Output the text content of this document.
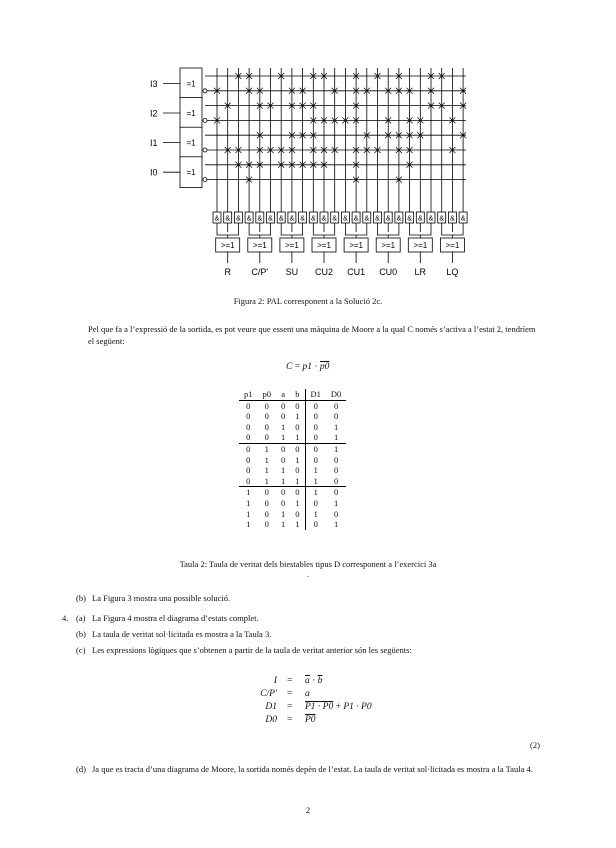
I3	=1
I2	=1
I1	=1
I0	=1
& & & & & & & & & & & & & & & & & & & & & & & &
>=1
R
>=1
C/P'
>=1
SU
>=1
CU2
>=1
CU1
>=1
CU0
>=1
LR
>=1
LQ
Figura 2: PAL corresponent a la Solució 2c.
Pel que fa a l’expressió de la sortida, es pot veure que essent una màquina de Moore a la qual C només s’activa a l’estat 2, tendríem el següent:
C = p1 · p0
p1	p0	a	b	D1	D0
0	0	0	0	0	0
0	0	0	1	0	0
0	0	1	0	0	1
0	0	1	1	0	1
0	1	0	0	0	1
0	1	0	1	0	0
0	1	1	0	1	0
0	1	1	1	1	0
1	0	0	0	1	0
1	0	0	1	0	1
1	0	1	0	1	0
1	0	1	1	0	1
Taula 2: Taula de veritat dels biestables tipus D corresponent a l’exercici 3a
.
(b) La Figura 3 mostra una possible solució.
4. (a) La Figura 4 mostra el diagrama d’estats complet.
(b) La taula de veritat sol·licitada es mostra a la Taula 3.
(c) Les expressions lògiques que s’obtenen a partir de la taula de veritat anterior són les següents:
$I = \overline{a} \cdot \overline{b}$
C/P′ = a
D1 = P1 · P0 + P1 · P0
D0 = P0
(2)
(d) Ja que es tracta d’una diagrama de Moore, la sortida només depèn de l’estat. La taula de veritat sol·licitada es mostra a la Taula 4.
2
